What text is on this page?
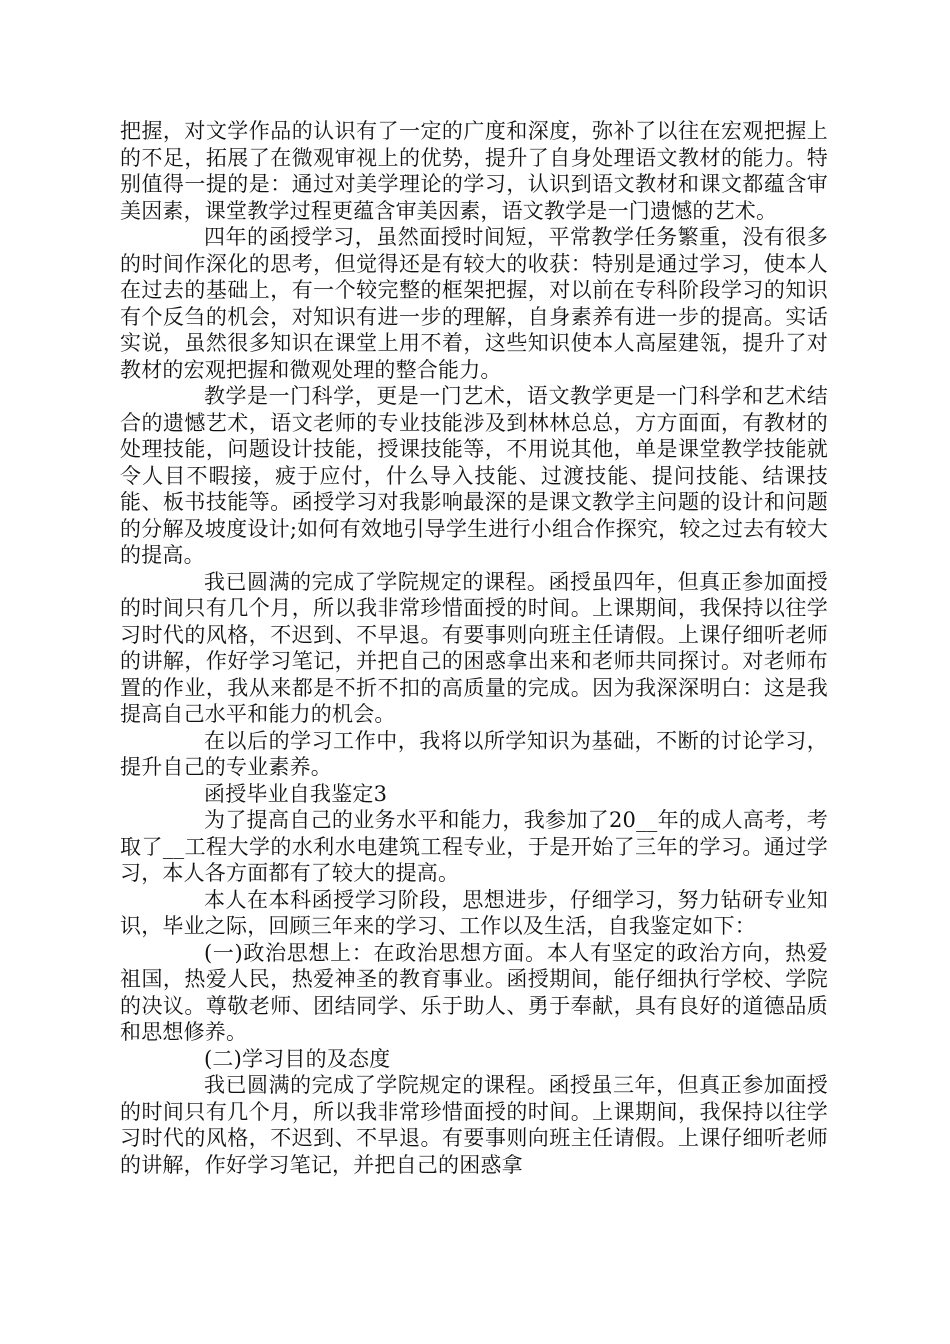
把握，对文学作品的认识有了一定的广度和深度，弥补了以往在宏观把握上的不足，拓展了在微观审视上的优势，提升了自身处理语文教材的能力。特别值得一提的是：通过对美学理论的学习，认识到语文教材和课文都蕴含审美因素，课堂教学过程更蕴含审美因素，语文教学是一门遗憾的艺术。

四年的函授学习，虽然面授时间短，平常教学任务繁重，没有很多的时间作深化的思考，但觉得还是有较大的收获：特别是通过学习，使本人在过去的基础上，有一个较完整的框架把握，对以前在专科阶段学习的知识有个反刍的机会，对知识有进一步的理解，自身素养有进一步的提高。实话实说，虽然很多知识在课堂上用不着，这些知识使本人高屋建瓴，提升了对教材的宏观把握和微观处理的整合能力。

教学是一门科学，更是一门艺术，语文教学更是一门科学和艺术结合的遗憾艺术，语文老师的专业技能涉及到林林总总，方方面面，有教材的处理技能，问题设计技能，授课技能等，不用说其他，单是课堂教学技能就令人目不暇接，疲于应付，什么导入技能、过渡技能、提问技能、结课技能、板书技能等。函授学习对我影响最深的是课文教学主问题的设计和问题的分解及坡度设计;如何有效地引导学生进行小组合作探究，较之过去有较大的提高。

我已圆满的完成了学院规定的课程。函授虽四年，但真正参加面授的时间只有几个月，所以我非常珍惜面授的时间。上课期间，我保持以往学习时代的风格，不迟到、不早退。有要事则向班主任请假。上课仔细听老师的讲解，作好学习笔记，并把自己的困惑拿出来和老师共同探讨。对老师布置的作业，我从来都是不折不扣的高质量的完成。因为我深深明白：这是我提高自己水平和能力的机会。

在以后的学习工作中，我将以所学知识为基础，不断的讨论学习，提升自己的专业素养。

函授毕业自我鉴定3

为了提高自己的业务水平和能力，我参加了20__年的成人高考，考取了__工程大学的水利水电建筑工程专业，于是开始了三年的学习。通过学习，本人各方面都有了较大的提高。

本人在本科函授学习阶段，思想进步，仔细学习，努力钻研专业知识，毕业之际，回顾三年来的学习、工作以及生活，自我鉴定如下：

(一)政治思想上：在政治思想方面。本人有坚定的政治方向，热爱祖国，热爱人民，热爱神圣的教育事业。函授期间，能仔细执行学校、学院的决议。尊敬老师、团结同学、乐于助人、勇于奉献，具有良好的道德品质和思想修养。

(二)学习目的及态度

我已圆满的完成了学院规定的课程。函授虽三年，但真正参加面授的时间只有几个月，所以我非常珍惜面授的时间。上课期间，我保持以往学习时代的风格，不迟到、不早退。有要事则向班主任请假。上课仔细听老师的讲解，作好学习笔记，并把自己的困惑拿
